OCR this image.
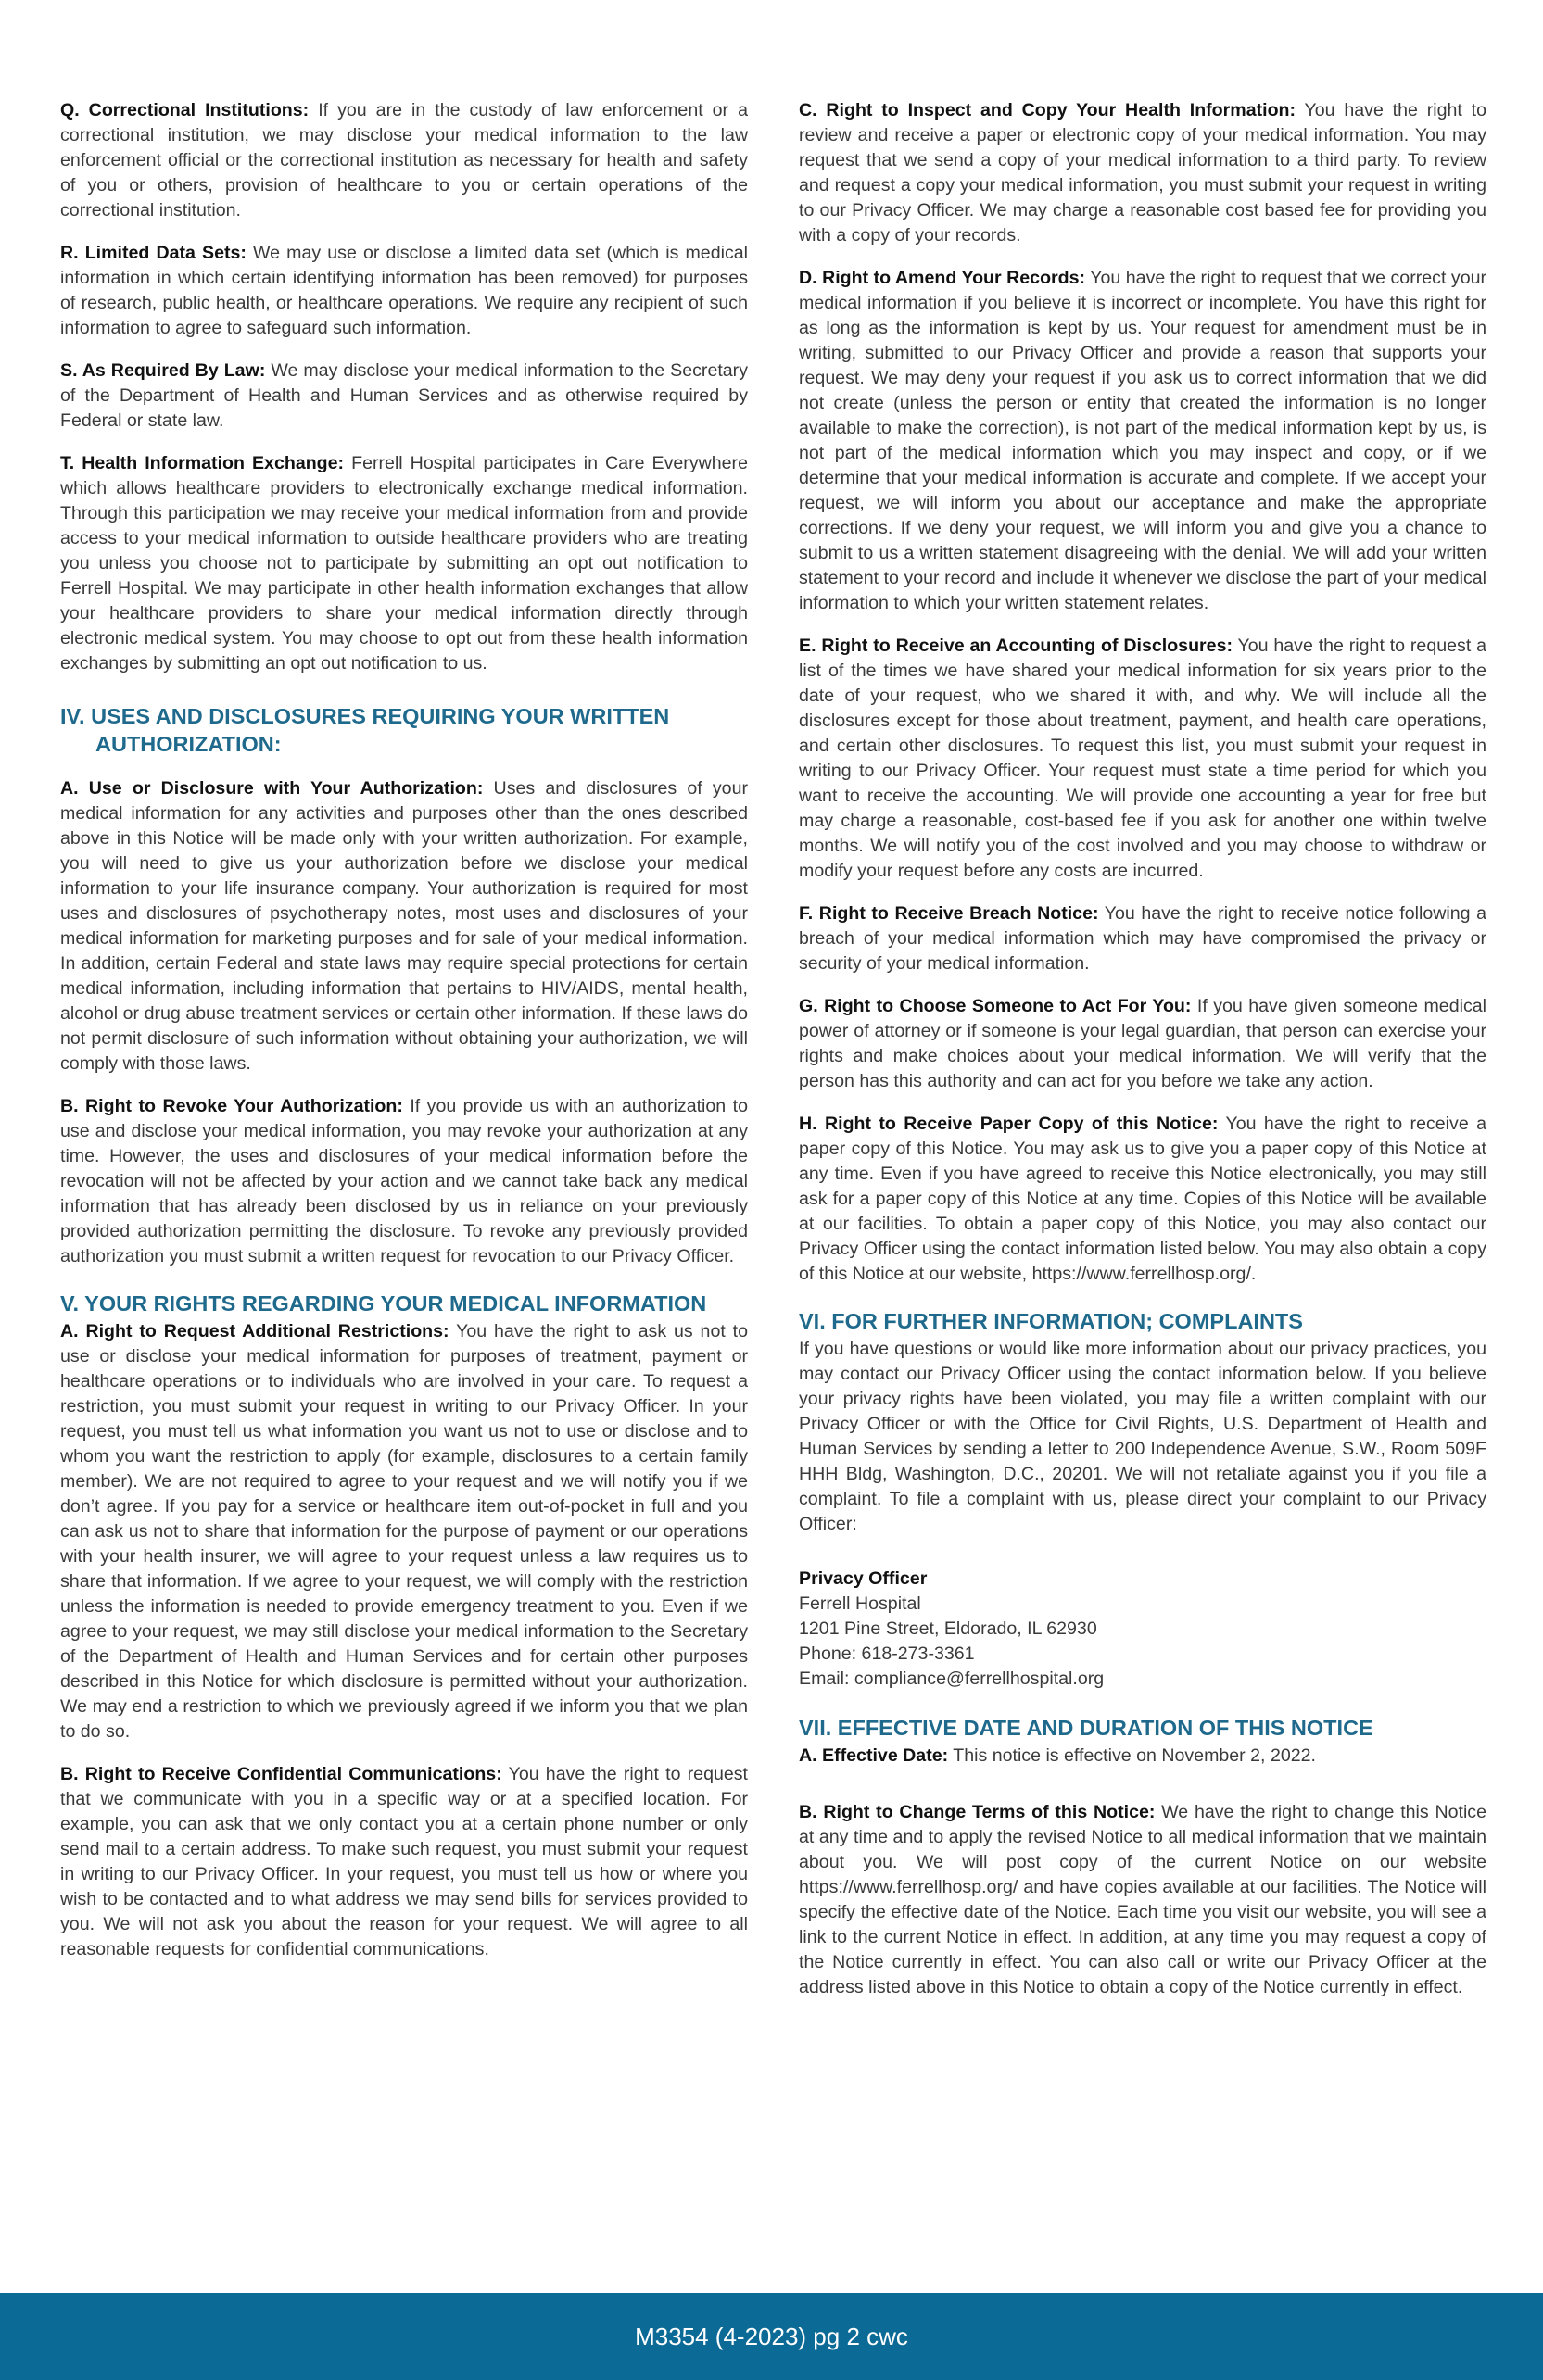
Q. Correctional Institutions: If you are in the custody of law enforcement or a correctional institution, we may disclose your medical information to the law enforcement official or the correctional institution as necessary for health and safety of you or others, provision of healthcare to you or certain operations of the correctional institution.

R. Limited Data Sets: We may use or disclose a limited data set (which is medical information in which certain identifying information has been removed) for purposes of research, public health, or healthcare operations. We require any recipient of such information to agree to safeguard such information.

S. As Required By Law: We may disclose your medical information to the Secretary of the Department of Health and Human Services and as otherwise required by Federal or state law.

T. Health Information Exchange: Ferrell Hospital participates in Care Everywhere which allows healthcare providers to electronically exchange medical information. Through this participation we may receive your medical information from and provide access to your medical information to outside healthcare providers who are treating you unless you choose not to participate by submitting an opt out notification to Ferrell Hospital. We may participate in other health information exchanges that allow your healthcare providers to share your medical information directly through electronic medical system. You may choose to opt out from these health information exchanges by submitting an opt out notification to us.

IV. USES AND DISCLOSURES REQUIRING YOUR WRITTEN
AUTHORIZATION:

A. Use or Disclosure with Your Authorization: Uses and disclosures of your medical information for any activities and purposes other than the ones described above in this Notice will be made only with your written authorization. For example, you will need to give us your authorization before we disclose your medical information to your life insurance company. Your authorization is required for most uses and disclosures of psychotherapy notes, most uses and disclosures of your medical information for marketing purposes and for sale of your medical information. In addition, certain Federal and state laws may require special protections for certain medical information, including information that pertains to HIV/AIDS, mental health, alcohol or drug abuse treatment services or certain other information. If these laws do not permit disclosure of such information without obtaining your authorization, we will comply with those laws.

B. Right to Revoke Your Authorization: If you provide us with an authorization to use and disclose your medical information, you may revoke your authorization at any time. However, the uses and disclosures of your medical information before the revocation will not be affected by your action and we cannot take back any medical information that has already been disclosed by us in reliance on your previously provided authorization permitting the disclosure. To revoke any previously provided authorization you must submit a written request for revocation to our Privacy Officer.

V. YOUR RIGHTS REGARDING YOUR MEDICAL INFORMATION

A. Right to Request Additional Restrictions: You have the right to ask us not to use or disclose your medical information for purposes of treatment, payment or healthcare operations or to individuals who are involved in your care. To request a restriction, you must submit your request in writing to our Privacy Officer. In your request, you must tell us what information you want us not to use or disclose and to whom you want the restriction to apply (for example, disclosures to a certain family member). We are not required to agree to your request and we will notify you if we don’t agree. If you pay for a service or healthcare item out-of-pocket in full and you can ask us not to share that information for the purpose of payment or our operations with your health insurer, we will agree to your request unless a law requires us to share that information. If we agree to your request, we will comply with the restriction unless the information is needed to provide emergency treatment to you. Even if we agree to your request, we may still disclose your medical information to the Secretary of the Department of Health and Human Services and for certain other purposes described in this Notice for which disclosure is permitted without your authorization. We may end a restriction to which we previously agreed if we inform you that we plan to do so.

B. Right to Receive Confidential Communications: You have the right to request that we communicate with you in a specific way or at a specified location. For example, you can ask that we only contact you at a certain phone number or only send mail to a certain address. To make such request, you must submit your request in writing to our Privacy Officer. In your request, you must tell us how or where you wish to be contacted and to what address we may send bills for services provided to you. We will not ask you about the reason for your request. We will agree to all reasonable requests for confidential communications.

C. Right to Inspect and Copy Your Health Information: You have the right to review and receive a paper or electronic copy of your medical information. You may request that we send a copy of your medical information to a third party. To review and request a copy your medical information, you must submit your request in writing to our Privacy Officer. We may charge a reasonable cost based fee for providing you with a copy of your records.

D. Right to Amend Your Records: You have the right to request that we correct your medical information if you believe it is incorrect or incomplete. You have this right for as long as the information is kept by us. Your request for amendment must be in writing, submitted to our Privacy Officer and provide a reason that supports your request. We may deny your request if you ask us to correct information that we did not create (unless the person or entity that created the information is no longer available to make the correction), is not part of the medical information kept by us, is not part of the medical information which you may inspect and copy, or if we determine that your medical information is accurate and complete. If we accept your request, we will inform you about our acceptance and make the appropriate corrections. If we deny your request, we will inform you and give you a chance to submit to us a written statement disagreeing with the denial. We will add your written statement to your record and include it whenever we disclose the part of your medical information to which your written statement relates.

E. Right to Receive an Accounting of Disclosures: You have the right to request a list of the times we have shared your medical information for six years prior to the date of your request, who we shared it with, and why. We will include all the disclosures except for those about treatment, payment, and health care operations, and certain other disclosures. To request this list, you must submit your request in writing to our Privacy Officer. Your request must state a time period for which you want to receive the accounting. We will provide one accounting a year for free but may charge a reasonable, cost-based fee if you ask for another one within twelve months. We will notify you of the cost involved and you may choose to withdraw or modify your request before any costs are incurred.

F. Right to Receive Breach Notice: You have the right to receive notice following a breach of your medical information which may have compromised the privacy or security of your medical information.

G. Right to Choose Someone to Act For You: If you have given someone medical power of attorney or if someone is your legal guardian, that person can exercise your rights and make choices about your medical information. We will verify that the person has this authority and can act for you before we take any action.

H. Right to Receive Paper Copy of this Notice: You have the right to receive a paper copy of this Notice. You may ask us to give you a paper copy of this Notice at any time. Even if you have agreed to receive this Notice electronically, you may still ask for a paper copy of this Notice at any time. Copies of this Notice will be available at our facilities. To obtain a paper copy of this Notice, you may also contact our Privacy Officer using the contact information listed below. You may also obtain a copy of this Notice at our website, https://www.ferrellhosp.org/.

VI. FOR FURTHER INFORMATION; COMPLAINTS

If you have questions or would like more information about our privacy practices, you may contact our Privacy Officer using the contact information below. If you believe your privacy rights have been violated, you may file a written complaint with our Privacy Officer or with the Office for Civil Rights, U.S. Department of Health and Human Services by sending a letter to 200 Independence Avenue, S.W., Room 509F HHH Bldg, Washington, D.C., 20201. We will not retaliate against you if you file a complaint. To file a complaint with us, please direct your complaint to our Privacy Officer:

Privacy Officer
Ferrell Hospital
1201 Pine Street, Eldorado, IL 62930
Phone: 618-273-3361
Email: compliance@ferrellhospital.org
VII. EFFECTIVE DATE AND DURATION OF THIS NOTICE

A. Effective Date: This notice is effective on November 2, 2022.

B. Right to Change Terms of this Notice: We have the right to change this Notice at any time and to apply the revised Notice to all medical information that we maintain about you. We will post copy of the current Notice on our website https://www.ferrellhosp.org/ and have copies available at our facilities. The Notice will specify the effective date of the Notice. Each time you visit our website, you will see a link to the current Notice in effect. In addition, at any time you may request a copy of the Notice currently in effect. You can also call or write our Privacy Officer at the address listed above in this Notice to obtain a copy of the Notice currently in effect.

M3354 (4-2023) pg 2 cwc
